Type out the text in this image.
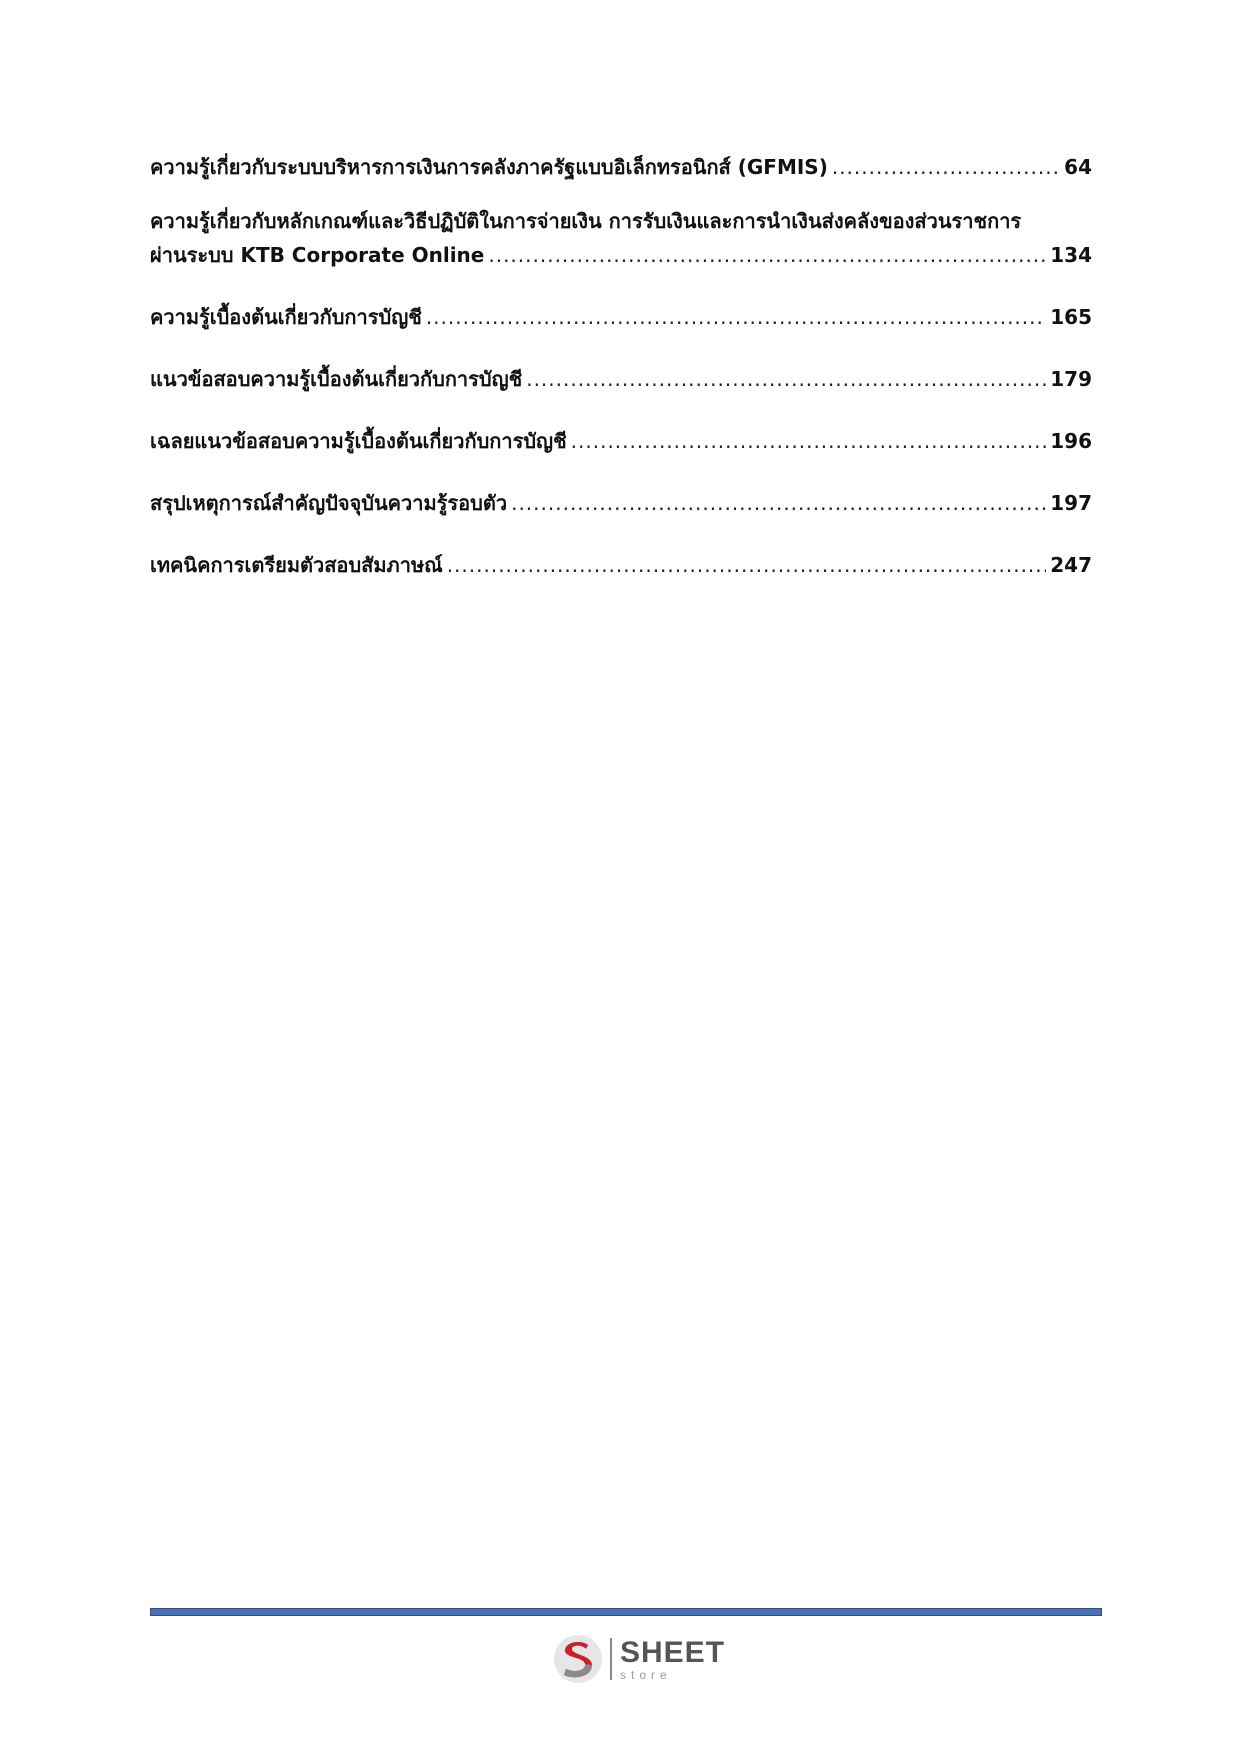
ความรู้เกี่ยวกับระบบบริหารการเงินการคลังภาครัฐแบบอิเล็กทรอนิกส์ (GFMIS) .....	64
ความรู้เกี่ยวกับหลักเกณฑ์และวิธีปฏิบัติในการจ่ายเงิน การรับเงินและการนำเงินส่งคลังของส่วนราชการ
ผ่านระบบ KTB Corporate Online .....	134
ความรู้เบื้องต้นเกี่ยวกับการบัญชี .....	165
แนวข้อสอบความรู้เบื้องต้นเกี่ยวกับการบัญชี .....	179
เฉลยแนวข้อสอบความรู้เบื้องต้นเกี่ยวกับการบัญชี .....	196
สรุปเหตุการณ์สำคัญปัจจุบันความรู้รอบตัว .....	197
เทคนิคการเตรียมตัวสอบสัมภาษณ์ .....	247
SHEET
store
